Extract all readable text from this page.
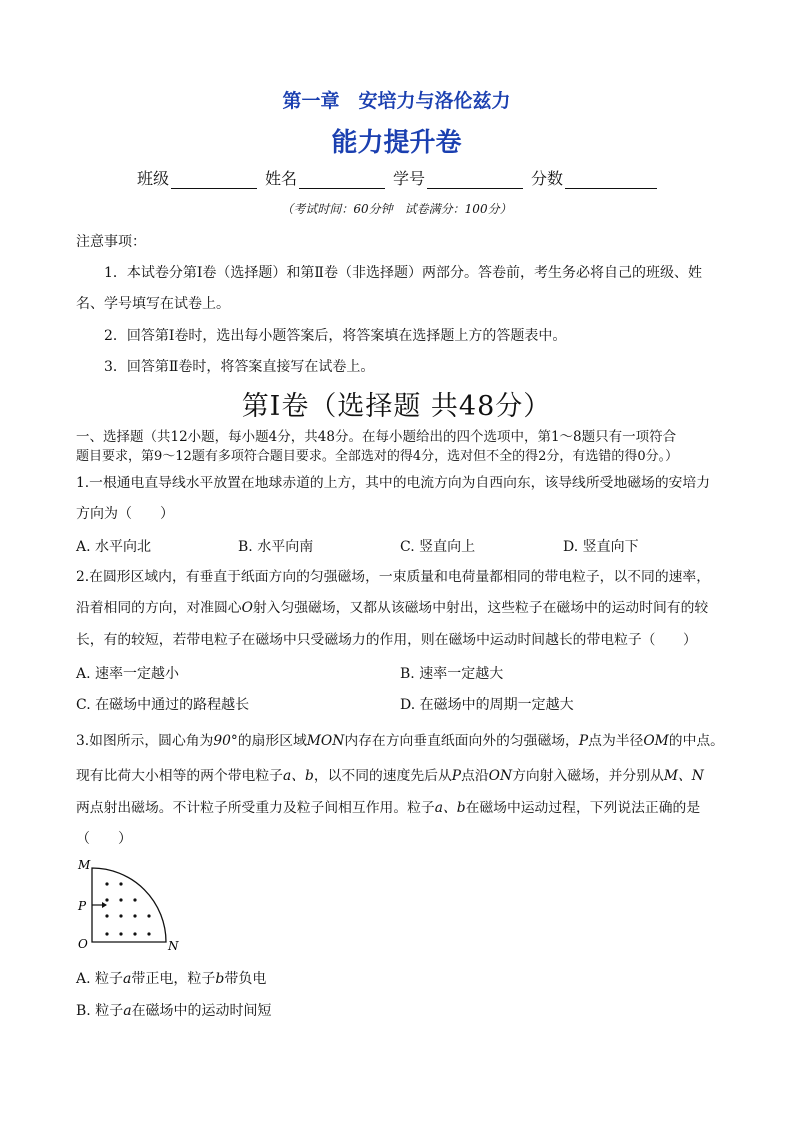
第一章　安培力与洛伦兹力
能力提升卷
班级	姓名	学号	分数
（考试时间：60分钟　试卷满分：100分）
注意事项：
1．本试卷分第Ⅰ卷（选择题）和第Ⅱ卷（非选择题）两部分。答卷前，考生务必将自己的班级、姓
名、学号填写在试卷上。
2．回答第Ⅰ卷时，选出每小题答案后，将答案填在选择题上方的答题表中。
3．回答第Ⅱ卷时，将答案直接写在试卷上。
第Ⅰ卷（选择题 共48分）
一、选择题（共12小题，每小题4分，共48分。在每小题给出的四个选项中，第1～8题只有一项符合
题目要求，第9～12题有多项符合题目要求。全部选对的得4分，选对但不全的得2分，有选错的得0分。）
1.一根通电直导线水平放置在地球赤道的上方，其中的电流方向为自西向东，该导线所受地磁场的安培力
方向为（　　）
A. 水平向北	B. 水平向南	C. 竖直向上	D. 竖直向下
2.在圆形区域内，有垂直于纸面方向的匀强磁场，一束质量和电荷量都相同的带电粒子，以不同的速率，
沿着相同的方向，对准圆心O射入匀强磁场，又都从该磁场中射出，这些粒子在磁场中的运动时间有的较
长，有的较短，若带电粒子在磁场中只受磁场力的作用，则在磁场中运动时间越长的带电粒子（　　）
A. 速率一定越小	B. 速率一定越大
C. 在磁场中通过的路程越长	D. 在磁场中的周期一定越大
3.如图所示，圆心角为90°的扇形区域MON内存在方向垂直纸面向外的匀强磁场，P点为半径OM的中点。
现有比荷大小相等的两个带电粒子a、b，以不同的速度先后从P点沿ON方向射入磁场，并分别从M、N
两点射出磁场。不计粒子所受重力及粒子间相互作用。粒子a、b在磁场中运动过程，下列说法正确的是
（　　）
M
P
O	N
A. 粒子a带正电，粒子b带负电
B. 粒子a在磁场中的运动时间短
